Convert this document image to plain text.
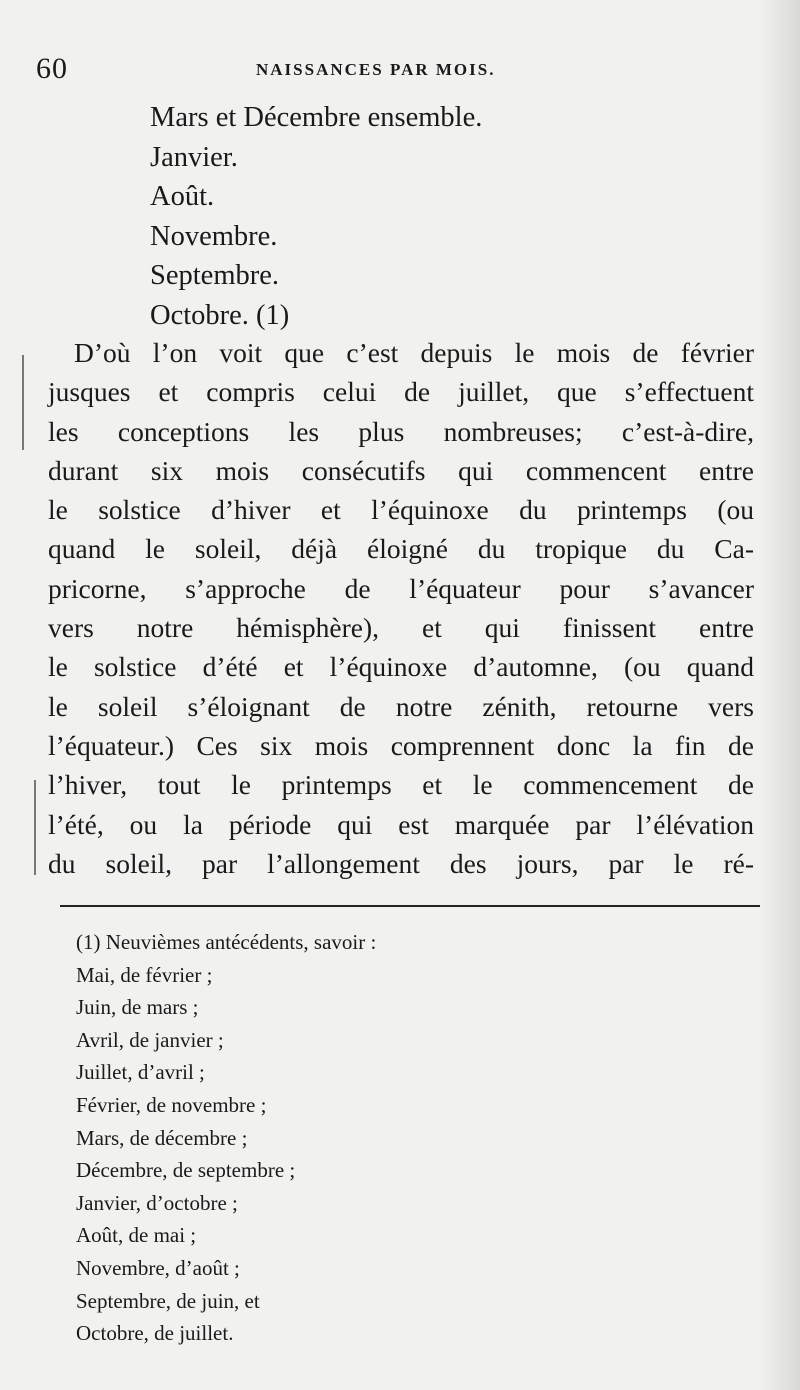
60	NAISSANCES PAR MOIS.
Mars et Décembre ensemble.
Janvier.
Août.
Novembre.
Septembre.
Octobre. (1)
D’où l’on voit que c’est depuis le mois de février
jusques et compris celui de juillet, que s’effectuent
les conceptions les plus nombreuses; c’est-à-dire,
durant six mois consécutifs qui commencent entre
le solstice d’hiver et l’équinoxe du printemps (ou
quand le soleil, déjà éloigné du tropique du Ca-
pricorne, s’approche de l’équateur pour s’avancer
vers notre hémisphère), et qui finissent entre
le solstice d’été et l’équinoxe d’automne, (ou quand
le soleil s’éloignant de notre zénith, retourne vers
l’équateur.) Ces six mois comprennent donc la fin de
l’hiver, tout le printemps et le commencement de
l’été, ou la période qui est marquée par l’élévation
du soleil, par l’allongement des jours, par le ré-
(1) Neuvièmes antécédents, savoir :
Mai, de février ;
Juin, de mars ;
Avril, de janvier ;
Juillet, d’avril ;
Février, de novembre ;
Mars, de décembre ;
Décembre, de septembre ;
Janvier, d’octobre ;
Août, de mai ;
Novembre, d’août ;
Septembre, de juin, et
Octobre, de juillet.
